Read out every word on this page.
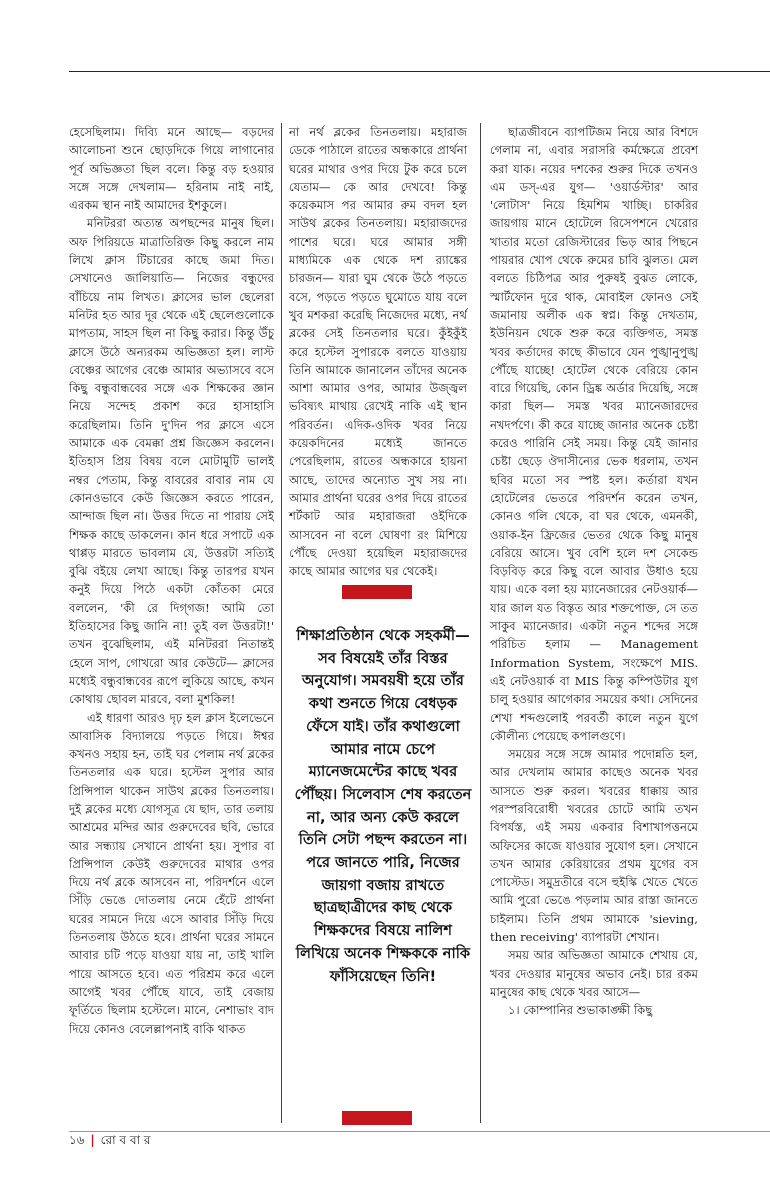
হেসেছিলাম। দিব্যি মনে আছে— বড়দের আলোচনা শুনে ছোড়দিকে গিয়ে লাগানোর পূর্ব অভিজ্ঞতা ছিল বলে। কিন্তু বড় হওয়ার সঙ্গে সঙ্গে দেখলাম— হরিনাম নাই নাই, এরকম স্থান নাই আমাদের ইশকুলে।

মনিটররা অত্যন্ত অপছন্দের মানুষ ছিল। অফ পিরিয়ডে মাত্রাতিরিক্ত কিছু করলে নাম লিখে ক্লাস টিচারের কাছে জমা দিত। সেখানেও জালিয়াতি— নিজের বন্ধুদের বাঁচিয়ে নাম লিখত। ক্লাসের ভাল ছেলেরা মনিটর হত আর দূর থেকে এই ছেলেগুলোকে মাপতাম, সাহস ছিল না কিছু করার। কিন্তু উঁচু ক্লাসে উঠে অন্যরকম অভিজ্ঞতা হল। লাস্ট বেঞ্চের আগের বেঞ্চে আমার অভ্যাসবে বসে কিছু বন্ধুবান্ধবের সঙ্গে এক শিক্ষকের জ্ঞান নিয়ে সন্দেহ প্রকাশ করে হাসাহাসি করেছিলাম। তিনি দু'দিন পর ক্লাসে এসে আমাকে এক বেমক্কা প্রশ্ন জিজ্ঞেস করলেন। ইতিহাস প্রিয় বিষয় বলে মোটামুটি ভালই নম্বর পেতাম, কিন্তু বাবরের বাবার নাম যে কোনওভাবে কেউ জিজ্ঞেস করতে পারেন, আন্দাজ ছিল না। উত্তর দিতে না পারায় সেই শিক্ষক কাছে ডাকলেন। কান ধরে সপাটে এক থাপ্পড় মারতে ভাবলাম যে, উত্তরটা সত্যিই বুঝি বইয়ে লেখা আছে। কিন্তু তারপর যখন কনুই দিয়ে পিঠে একটা কোঁতকা মেরে বললেন, 'কী রে দিগ্‌গজ! আমি তো ইতিহাসের কিছু জানি না! তুই বল উত্তরটা!' তখন বুঝেছিলাম, এই মনিটররা নিতান্তই হেলে সাপ, গোখরো আর কেউটে— ক্লাসের মধ্যেই বন্ধুবান্ধবের রূপে লুকিয়ে আছে, কখন কোথায় ছোবল মারবে, বলা মুশকিল!

এই ধারণা আরও দৃঢ় হল ক্লাস ইলেভেনে আবাসিক বিদ্যালয়ে পড়তে গিয়ে। ঈশ্বর কখনও সহায় হন, তাই ঘর পেলাম নর্থ ব্লকের তিনতলার এক ঘরে। হস্টেল সুপার আর প্রিন্সিপাল থাকেন সাউথ ব্লকের তিনতলায়। দুই ব্লকের মধ্যে যোগসূত্র যে ছাদ, তার তলায় আশ্রমের মন্দির আর গুরুদেবের ছবি, ভোরে আর সন্ধ্যায় সেখানে প্রার্থনা হয়। সুপার বা প্রিন্সিপাল কেউই গুরুদেবের মাথার ওপর দিয়ে নর্থ ব্লকে আসবেন না, পরিদর্শনে এলে সিঁড়ি ভেঙে দোতলায় নেমে হেঁটে প্রার্থনা ঘরের সামনে দিয়ে এসে আবার সিঁড়ি দিয়ে তিনতলায় উঠতে হবে। প্রার্থনা ঘরের সামনে আবার চটি পড়ে যাওয়া যায় না, তাই খালি পায়ে আসতে হবে। এত পরিশ্রম করে এলে আগেই খবর পৌঁছে যাবে, তাই বেজায় ফূর্তিতে ছিলাম হস্টেলে। মানে, নেশাভাং বাদ দিয়ে কোনও বেলেল্লাপনাই বাকি থাকত

না নর্থ ব্লকের তিনতলায়। মহারাজ ডেকে পাঠালে রাতের অন্ধকারে প্রার্থনা ঘরের মাথার ওপর দিয়ে টুক করে চলে যেতাম— কে আর দেখবে! কিন্তু কয়েকমাস পর আমার রুম বদল হল সাউথ ব্লকের তিনতলায়। মহারাজদের পাশের ঘরে। ঘরে আমার সঙ্গী মাধ্যমিকে এক থেকে দশ র‍্যাঙ্কের চারজন— যারা ঘুম থেকে উঠে পড়তে বসে, পড়তে পড়তে ঘুমোতে যায় বলে খুব মশকরা করেছি নিজেদের মধ্যে, নর্থ ব্লকের সেই তিনতলার ঘরে। কুঁইকুঁই করে হস্টেল সুপারকে বলতে যাওয়ায় তিনি আমাকে জানালেন তাঁদের অনেক আশা আমার ওপর, আমার উজ্জ্বল ভবিষ্যৎ মাথায় রেখেই নাকি এই স্থান পরিবর্তন। এদিক-ওদিক খবর নিয়ে কয়েকদিনের মধ্যেই জানতে পেরেছিলাম, রাতের অন্ধকারে হায়না আছে, তাদের অন্যোত সুখ সয় না। আমার প্রার্থনা ঘরের ওপর দিয়ে রাতের শর্টকাট আর মহারাজরা ওইদিকে আসবেন না বলে ঘোষণা রং মিশিয়ে পৌঁছে দেওয়া হয়েছিল মহারাজদের কাছে আমার আগের ঘর থেকেই।

শিক্ষাপ্রতিষ্ঠান থেকে সহকর্মী— সব বিষয়েই তাঁর বিস্তর অনুযোগ। সমবয়ষী হয়ে তাঁর কথা শুনতে গিয়ে বেধড়ক ফেঁসে যাই। তাঁর কথাগুলো আমার নামে চেপে ম্যানেজমেন্টের কাছে খবর পৌঁছয়। সিলেবাস শেষ করতেন না, আর অন্য কেউ করলে তিনি সেটা পছন্দ করতেন না। পরে জানতে পারি, নিজের জায়গা বজায় রাখতে ছাত্রছাত্রীদের কাছ থেকে শিক্ষকদের বিষয়ে নালিশ লিখিয়ে অনেক শিক্ষককে নাকি ফাঁসিয়েছেন তিনি!

ছাত্রজীবনে ব্যাপটিজম নিয়ে আর বিশদে গেলাম না, এবার সরাসরি কর্মক্ষেত্রে প্রবেশ করা যাক। নয়ের দশকের শুরুর দিকে তখনও এম ডস্‌-এর যুগ— 'ওয়ার্ডস্টার' আর 'লোটাস' নিয়ে হিমশিম খাচ্ছি। চাকরির জায়গায় মানে হোটেলে রিসেপশনে খেরোর খাতার মতো রেজিস্টারের ভিড় আর পিছনে পায়রার খোপ থেকে রুমের চাবি ঝুলত। মেল বলতে চিঠিপত্র আর পুরুষই বুঝত লোকে, স্মার্টফোন দূরে থাক, মোবাইল ফোনও সেই জমানায় অলীক এক স্বপ্ন। কিন্তু দেখতাম, ইউনিয়ন থেকে শুরু করে ব্যক্তিগত, সমস্ত খবর কর্তাদের কাছে কীভাবে যেন পুঙ্খানুপুঙ্খ পৌঁছে যাচ্ছে! হোটেল থেকে বেরিয়ে কোন বারে গিয়েছি, কোন ড্রিঙ্ক অর্ডার দিয়েছি, সঙ্গে কারা ছিল— সমস্ত খবর ম্যানেজারদের নখদর্পণে। কী করে যাচ্ছে জানার অনেক চেষ্টা করেও পারিনি সেই সময়। কিন্তু যেই জানার চেষ্টা ছেড়ে ঔদাসীন্যের ভেক ধরলাম, তখন ছবির মতো সব স্পষ্ট হল। কর্তারা যখন হোটেলের ভেতরে পরিদর্শন করেন তখন, কোনও গলি থেকে, বা ঘর থেকে, এমনকী, ওয়াক-ইন ফ্রিজের ভেতর থেকে কিছু মানুষ বেরিয়ে আসে। খুব বেশি হলে দশ সেকেন্ড বিড়বিড় করে কিছু বলে আবার উধাও হয়ে যায়। একে বলা হয় ম্যানেজারের নেটওয়ার্ক— যার জাল যত বিস্তৃত আর শক্তপোক্ত, সে তত সাকুব ম্যানেজার। একটা নতুন শব্দের সঙ্গে পরিচিত হলাম — Management Information System, সংক্ষেপে MIS. এই নেটওয়ার্ক বা MIS কিন্তু কম্পিউটার যুগ চালু হওয়ার আগেকার সময়ের কথা। সেদিনের শেখা শব্দগুলোই পরবর্তী কালে নতুন যুগে কৌলীন্য পেয়েছে কপালগুণে।

সময়ের সঙ্গে সঙ্গে আমার পদোন্নতি হল, আর দেখলাম আমার কাছেও অনেক খবর আসতে শুরু করল। খবরের ধাক্কায় আর পরস্পরবিরোধী খবরের চোটে আমি তখন বিপর্যস্ত, এই সময় একবার বিশাখাপত্তনমে অফিসের কাজে যাওয়ার সুযোগ হল। সেখানে তখন আমার কেরিয়ারের প্রথম যুগের বস পোস্টেড। সমুদ্রতীরে বসে হুইস্কি খেতে খেতে আমি পুরো ভেঙে পড়লাম আর রাস্তা জানতে চাইলাম। তিনি প্রথম আমাকে 'sieving, then receiving' ব্যাপারটা শেখান।

সময় আর অভিজ্ঞতা আমাকে শেখায় যে, খবর দেওয়ার মানুষের অভাব নেই। চার রকম মানুষের কাছ থেকে খবর আসে—

১। কোম্পানির শুভাকাঙ্ক্ষী কিছু

১৬ | রো ব বা র
